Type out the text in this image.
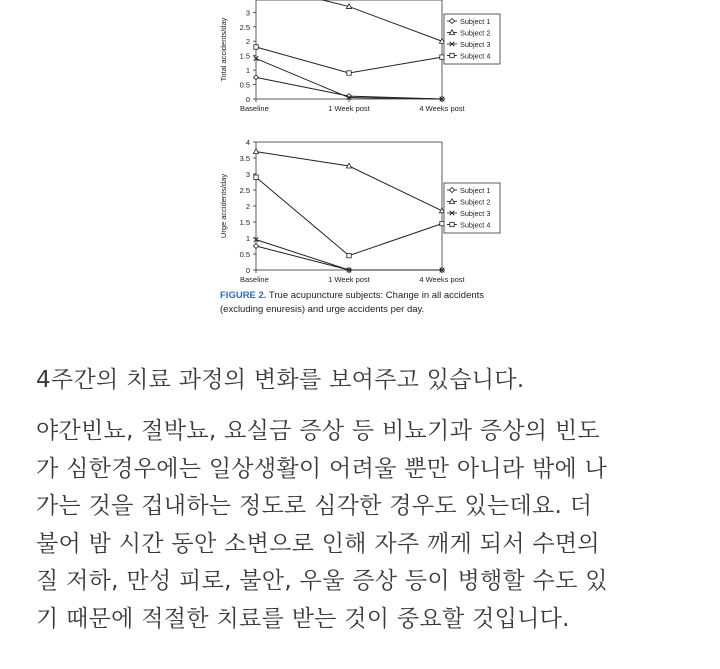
0
0.5
1
1.5
2
2.5
3
Baseline	1 Week post	4 Weeks post
Total accidents/day	Subject 1
Subject 2
Subject 3
Subject 4
0
0.5
1
1.5
2
2.5
3
3.5
4
Baseline	1 Week post	4 Weeks post
Urge accidents/day	Subject 1
Subject 2
Subject 3
Subject 4
FIGURE 2. True acupuncture subjects: Change in all accidents
(excluding enuresis) and urge accidents per day.

4주간의 치료 과정의 변화를 보여주고 있습니다.

야간빈뇨, 절박뇨, 요실금 증상 등 비뇨기과 증상의 빈도
가 심한경우에는 일상생활이 어려울 뿐만 아니라 밖에 나
가는 것을 겁내하는 정도로 심각한 경우도 있는데요. 더
불어 밤 시간 동안 소변으로 인해 자주 깨게 되서 수면의
질 저하, 만성 피로, 불안, 우울 증상 등이 병행할 수도 있
기 때문에 적절한 치료를 받는 것이 중요할 것입니다.
